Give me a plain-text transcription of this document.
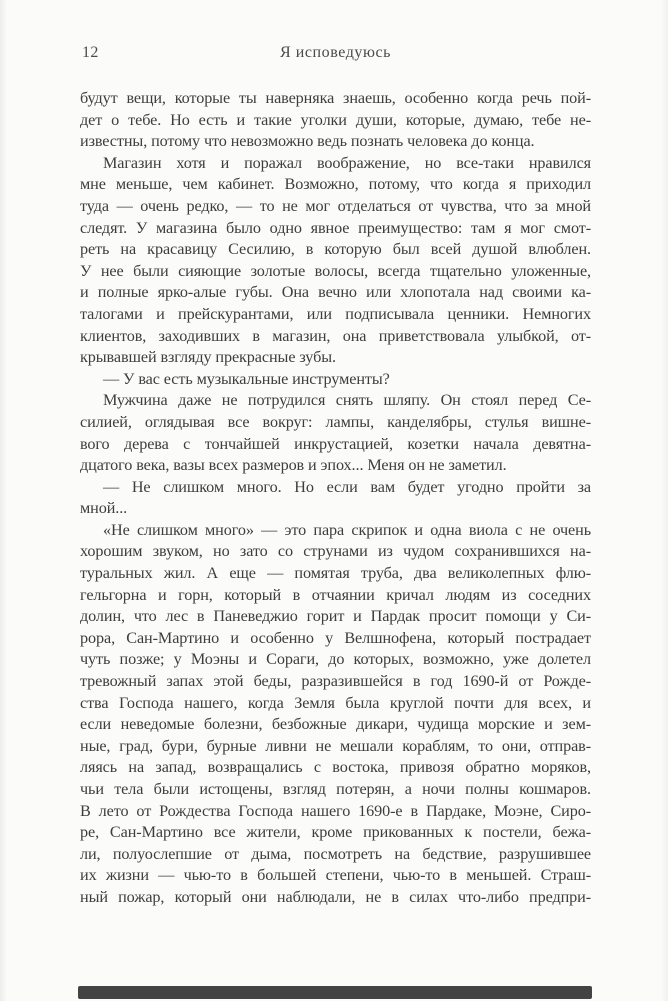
12	Я исповедуюсь
будут вещи, которые ты наверняка знаешь, особенно когда речь пой-
дет о тебе. Но есть и такие уголки души, которые, думаю, тебе не-
известны, потому что невозможно ведь познать человека до конца.
Магазин хотя и поражал воображение, но все-таки нравился
мне меньше, чем кабинет. Возможно, потому, что когда я приходил
туда — очень редко, — то не мог отделаться от чувства, что за мной
следят. У магазина было одно явное преимущество: там я мог смот-
реть на красавицу Сесилию, в которую был всей душой влюблен.
У нее были сияющие золотые волосы, всегда тщательно уложенные,
и полные ярко-алые губы. Она вечно или хлопотала над своими ка-
талогами и прейскурантами, или подписывала ценники. Немногих
клиентов, заходивших в магазин, она приветствовала улыбкой, от-
крывавшей взгляду прекрасные зубы.
— У вас есть музыкальные инструменты?
Мужчина даже не потрудился снять шляпу. Он стоял перед Се-
силией, оглядывая все вокруг: лампы, канделябры, стулья вишне-
вого дерева с тончайшей инкрустацией, козетки начала девятна-
дцатого века, вазы всех размеров и эпох... Меня он не заметил.
— Не слишком много. Но если вам будет угодно пройти за
мной...
«Не слишком много» — это пара скрипок и одна виола с не очень
хорошим звуком, но зато со струнами из чудом сохранившихся на-
туральных жил. А еще — помятая труба, два великолепных флю-
гельгорна и горн, который в отчаянии кричал людям из соседних
долин, что лес в Паневеджио горит и Пардак просит помощи у Си-
рора, Сан-Мартино и особенно у Велшнофена, который пострадает
чуть позже; у Моэны и Сораги, до которых, возможно, уже долетел
тревожный запах этой беды, разразившейся в год 1690-й от Рожде-
ства Господа нашего, когда Земля была круглой почти для всех, и
если неведомые болезни, безбожные дикари, чудища морские и зем-
ные, град, бури, бурные ливни не мешали кораблям, то они, отправ-
ляясь на запад, возвращались с востока, привозя обратно моряков,
чьи тела были истощены, взгляд потерян, а ночи полны кошмаров.
В лето от Рождества Господа нашего 1690-е в Пардаке, Моэне, Сиро-
ре, Сан-Мартино все жители, кроме прикованных к постели, бежа-
ли, полуослепшие от дыма, посмотреть на бедствие, разрушившее
их жизни — чью-то в большей степени, чью-то в меньшей. Страш-
ный пожар, который они наблюдали, не в силах что-либо предпри-
